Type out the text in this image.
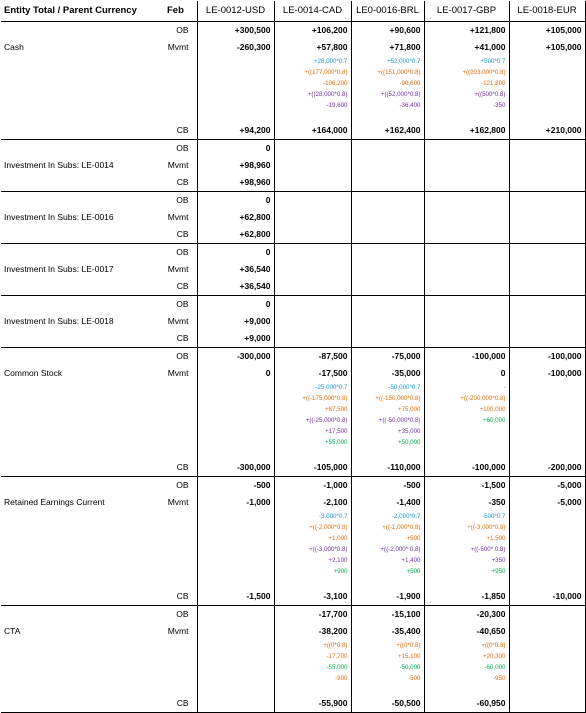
Entity Total / Parent Currency	Feb	LE-0012-USD	LE-0014-CAD	LE0-0016-BRL	LE-0017-GBP	LE-0018-EUR
	OB	+300,500	+106,200	+90,600	+121,800	+105,000
Cash	Mvmt	-260,300	+57,800	+71,800	+41,000	+105,000
			+28,000*0.7	+52,000*0.7	+500*0.7	
			+((177,000*0.8)	+((151,000*0.8)	+((203,000*0.8)	
			-106,200	-90,600	-121,800	
			+((28,000*0.8)	+((52,000*0.8)	+((500*0.8)	
			-19,600	-36,400	-350	

	CB	+94,200	+164,000	+162,400	+162,800	+210,000
	OB	0				
Investment In Subs: LE-0014	Mvmt	+98,960				
	CB	+98,960				
	OB	0				
Investment In Subs: LE-0016	Mvmt	+62,800				
	CB	+62,800				
	OB	0				
Investment In Subs: LE-0017	Mvmt	+36,540				
	CB	+36,540				
	OB	0				
Investment In Subs: LE-0018	Mvmt	+9,000				
	CB	+9,000				
	OB	-300,000	-87,500	-75,000	-100,000	-100,000
Common Stock	Mvmt	0	-17,500	-35,000	0	-100,000
			-25,000*0.7	-50,000*0.7	-	
			+((-175,000*0.8)	+((-150,000*0.8)	+((-200,000*0.8)	
			+87,500	+75,000	+100,000	
			+((-25,000*0.8)	+((-50,000*0.8)	+60,000	
			+17,500	+35,000		
			+55,000	+50,000		

	CB	-300,000	-105,000	-110,000	-100,000	-200,000
	OB	-500	-1,000	-500	-1,500	-5,000
Retained Earnings Current	Mvmt	-1,000	-2,100	-1,400	-350	-5,000
			-3,000*0.7	-2,000*0.7	-500*0.7	
			+((-2,000*0.8)	+((-1,000*0.8)	+((-3,000*0.8)	
			+1,000	+500	+1,500	
			+((-3,000*0.8)	+((-2,000* 0.8)	+((-500* 0.8)	
			+2,100	+1,400	+350	
			+900	+500	+950	

	CB	-1,500	-3,100	-1,900	-1,850	-10,000
	OB		-17,700	-15,100	-20,300	
CTA	Mvmt		-38,200	-35,400	-40,650	
			+((0*0.8)	+((0*0.8)	+((0*0.8)	
			-17,700	+15,100	+20,300	
			-55,000	-50,000	-60,000	
			-900	-500	-950	

	CB		-55,900	-50,500	-60,950	
